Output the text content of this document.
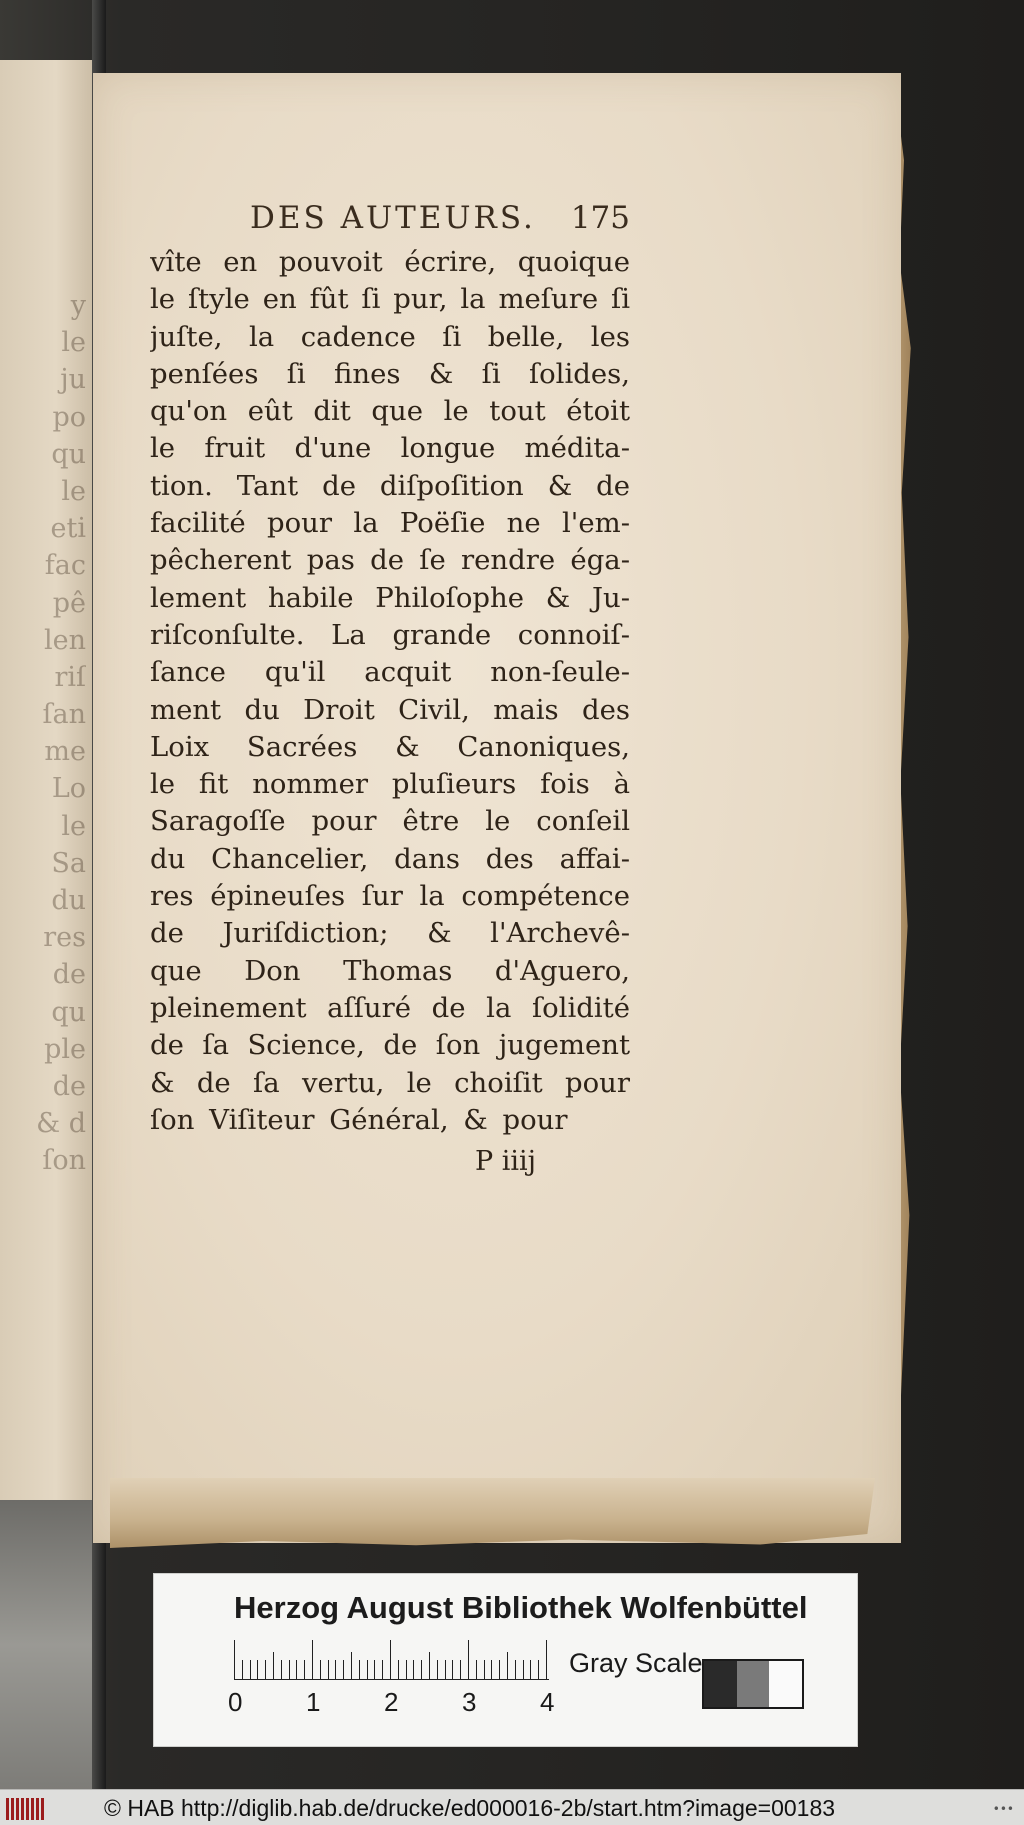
y
le
ju
po
qu
le
eti
fac
pê
len
riſ
ſan
me
Lo
le
Sa
du
res
de
qu
ple
de
& d
ſon
DES AUTEURS. 175
vîte en pouvoit écrire, quoique
le ſtyle en fût ſi pur, la meſure ſi
juſte, la cadence ſi belle, les
penſées ſi fines & ſi ſolides,
qu'on eût dit que le tout étoit
le fruit d'une longue médita-
tion. Tant de diſpoſition & de
facilité pour la Poëſie ne l'em-
pêcherent pas de ſe rendre éga-
lement habile Philoſophe & Ju-
riſconſulte. La grande connoiſ-
ſance qu'il acquit non-ſeule-
ment du Droit Civil, mais des
Loix Sacrées & Canoniques,
le fit nommer pluſieurs fois à
Saragoſſe pour être le conſeil
du Chancelier, dans des affai-
res épineuſes ſur la compétence
de Juriſdiction; & l'Archevê-
que Don Thomas d'Aguero,
pleinement aſſuré de la ſolidité
de ſa Science, de ſon jugement
& de ſa vertu, le choiſit pour
ſon Viſiteur Général, & pour
P iiij
Herzog August Bibliothek Wolfenbüttel
0 1 2 3 4
Gray Scale
© HAB http://diglib.hab.de/drucke/ed000016-2b/start.htm?image=00183	•••
